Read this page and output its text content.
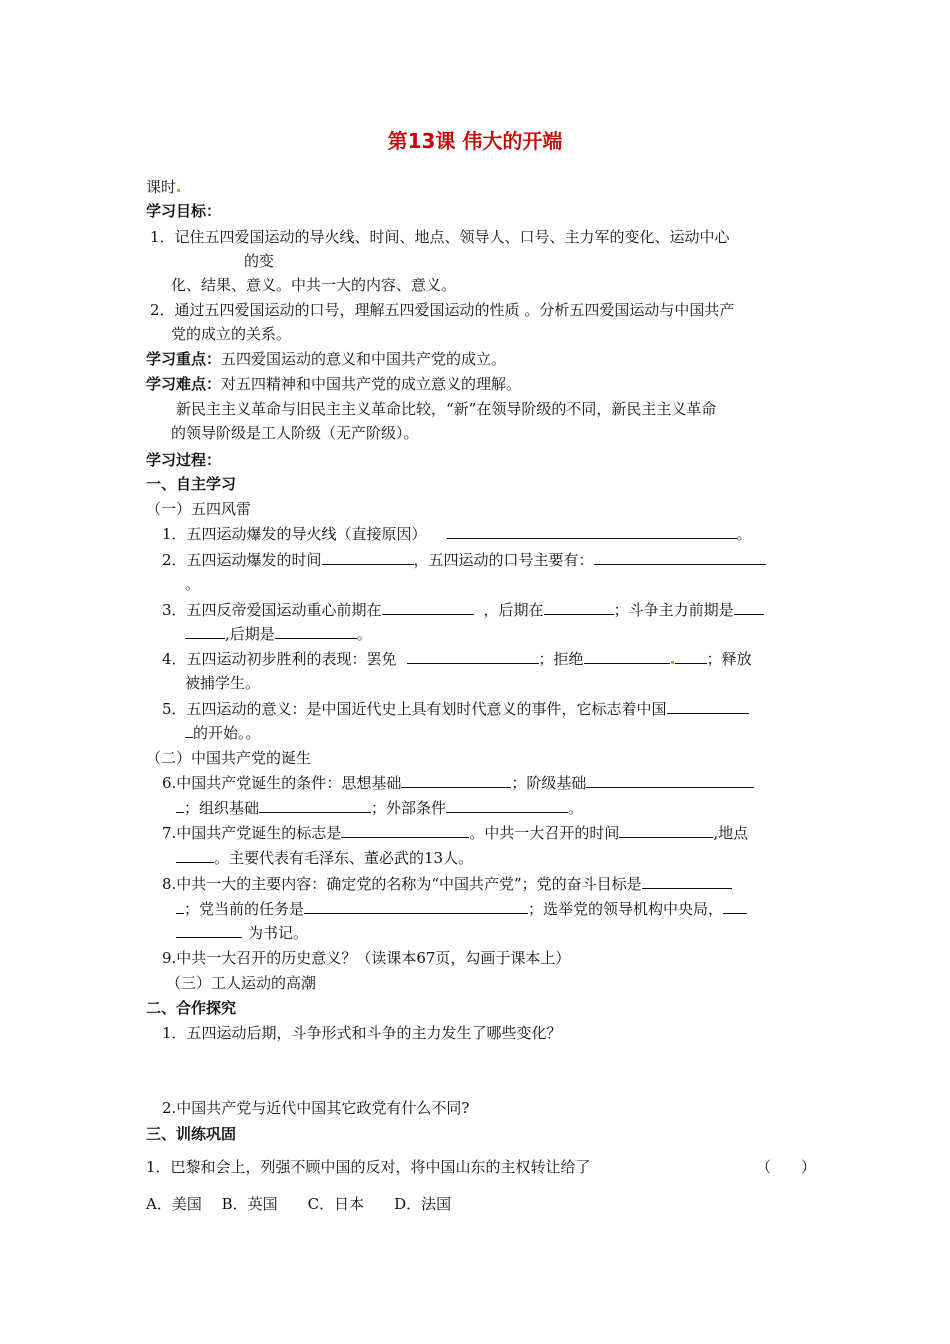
第13课 伟大的开端
课时
学习目标：
1．记住五四爱国运动的导火线、时间、地点、领导人、口号、主力军的变化、运动中心
的变
化、结果、意义。中共一大的内容、意义。
2．通过五四爱国运动的口号，理解五四爱国运动的性质 。分析五四爱国运动与中国共产
党的成立的关系。
学习重点：五四爱国运动的意义和中国共产党的成立。
学习难点：对五四精神和中国共产党的成立意义的理解。
新民主主义革命与旧民主主义革命比较，“新”在领导阶级的不同，新民主主义革命
的领导阶级是工人阶级（无产阶级）。
学习过程：
一、自主学习
（一）五四风雷
1．五四运动爆发的导火线（直接原因）	。
2．五四运动爆发的时间	，五四运动的口号主要有：
。
3．五四反帝爱国运动重心前期在	，后期在	；斗争主力前期是
,后期是	。
4．五四运动初步胜利的表现：罢免	；拒绝	；释放
被捕学生。
5．五四运动的意义：是中国近代史上具有划时代意义的事件，它标志着中国
的开始。。
（二）中国共产党的诞生
6.中国共产党诞生的条件：思想基础	；阶级基础
；组织基础	；外部条件	。
7.中国共产党诞生的标志是	。中共一大召开的时间	,地点
。主要代表有毛泽东、董必武的13人。
8.中共一大的主要内容：确定党的名称为“中国共产党”；党的奋斗目标是
；党当前的任务是	；选举党的领导机构中央局，
为书记。
9.中共一大召开的历史意义？（读课本67页，勾画于课本上）
（三）工人运动的高潮
二、合作探究
1．五四运动后期，斗争形式和斗争的主力发生了哪些变化？
2.中国共产党与近代中国其它政党有什么不同?
三、训练巩固
1．巴黎和会上，列强不顾中国的反对，将中国山东的主权转让给了	（　　）
A．美国　 B．英国　　C．日本　　D．法国
